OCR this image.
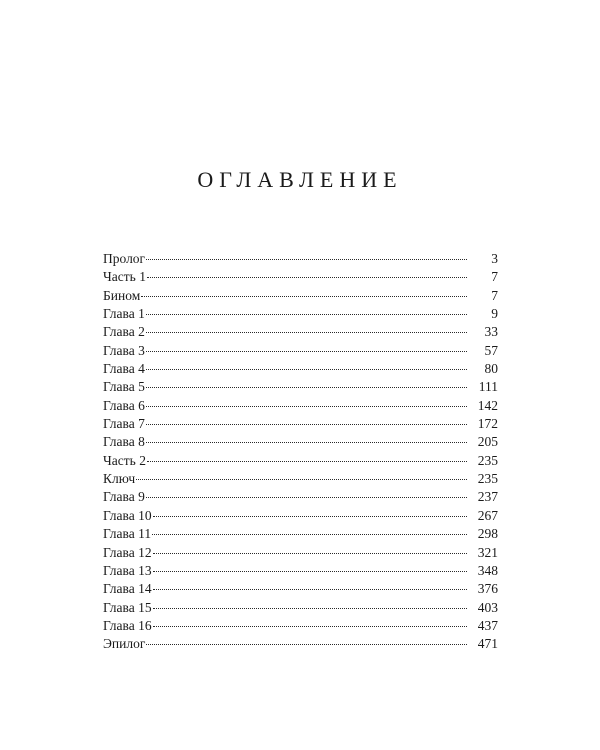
ОГЛАВЛЕНИЕ
Пролог	3
Часть 1	7
Бином	7
Глава 1	9
Глава 2	33
Глава 3	57
Глава 4	80
Глава 5	111
Глава 6	142
Глава 7	172
Глава 8	205
Часть 2	235
Ключ	235
Глава 9	237
Глава 10	267
Глава 11	298
Глава 12	321
Глава 13	348
Глава 14	376
Глава 15	403
Глава 16	437
Эпилог	471
